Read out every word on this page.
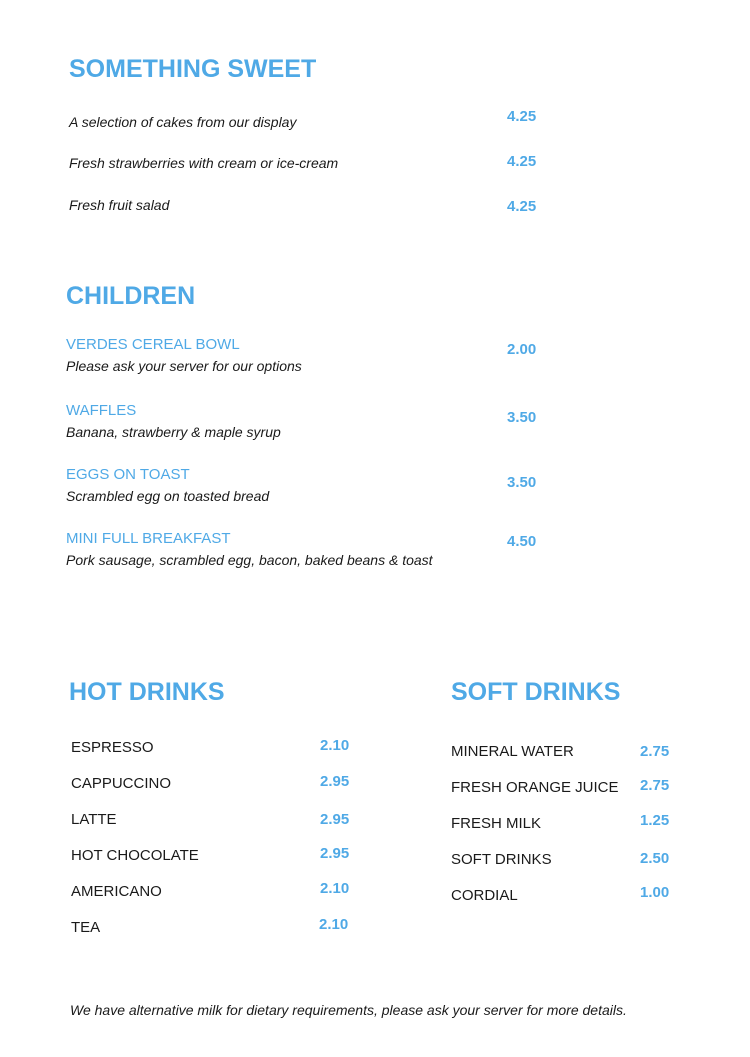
SOMETHING SWEET
A selection of cakes from our display	4.25
Fresh strawberries with cream or ice-cream	4.25
Fresh fruit salad	4.25
CHILDREN
VERDES CEREAL BOWL
Please ask your server for our options
2.00
WAFFLES
Banana, strawberry & maple syrup
3.50
EGGS ON TOAST
Scrambled egg on toasted bread
3.50
MINI FULL BREAKFAST
Pork sausage, scrambled egg, bacon, baked beans & toast
4.50
HOT DRINKS
ESPRESSO	2.10
CAPPUCCINO	2.95
LATTE	2.95
HOT CHOCOLATE	2.95
AMERICANO	2.10
TEA	2.10
SOFT DRINKS
MINERAL WATER	2.75
FRESH ORANGE JUICE 2.75
FRESH MILK	1.25
SOFT DRINKS	2.50
CORDIAL	1.00
We have alternative milk for dietary requirements, please ask your server for more details.
